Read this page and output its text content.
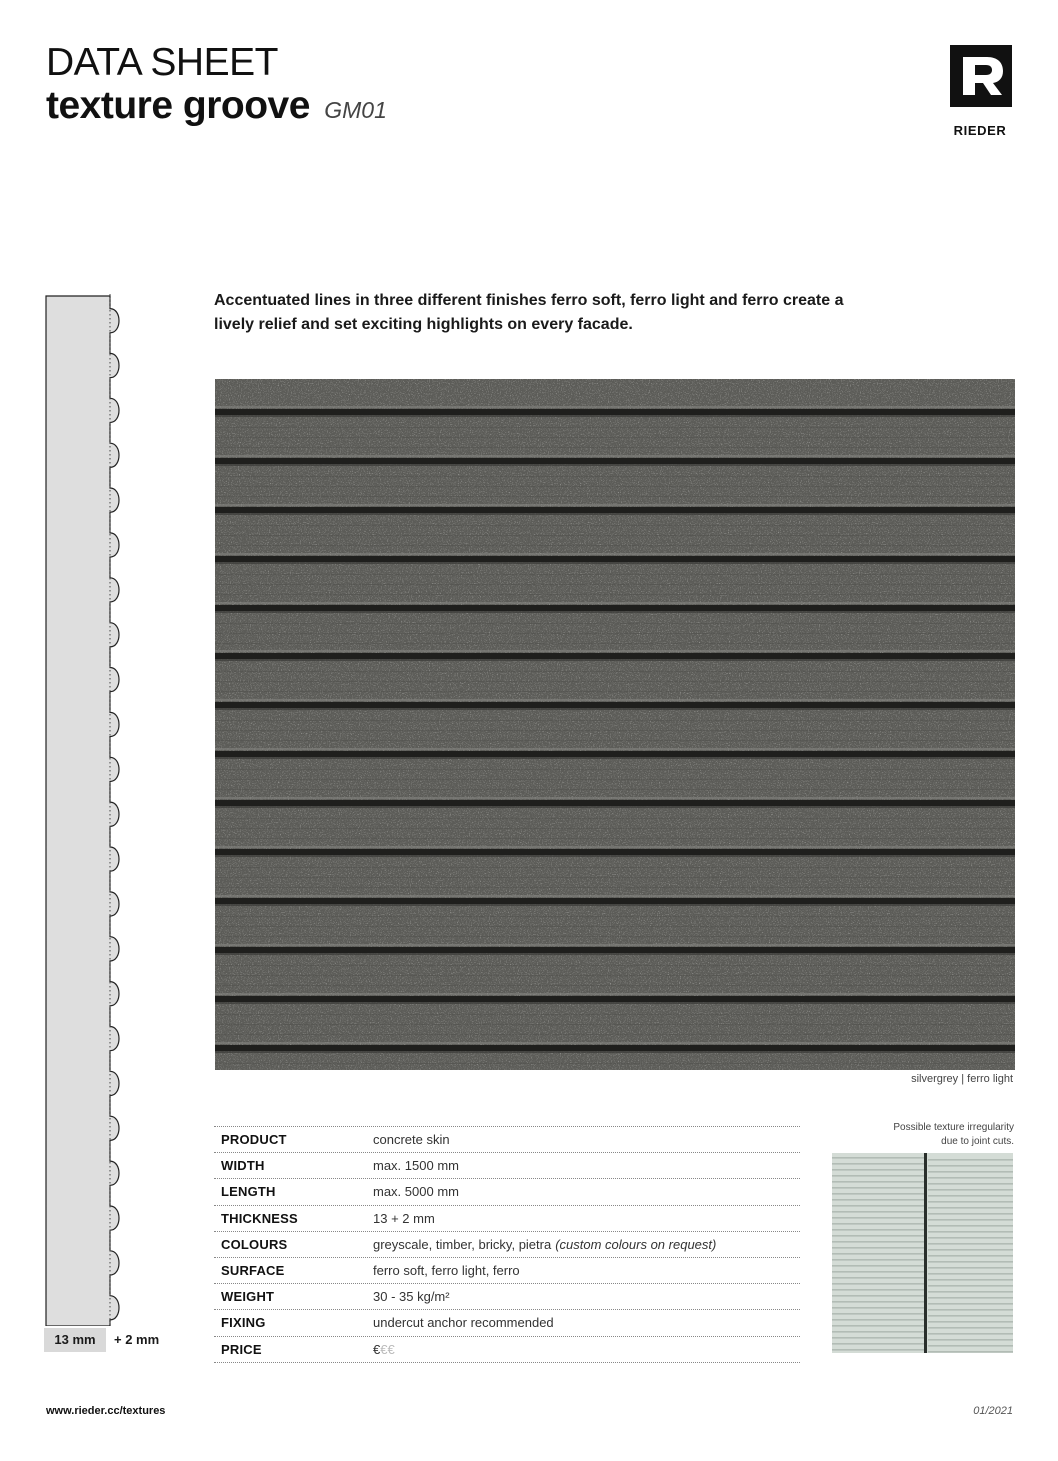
DATA SHEET
texture groove GM01
RIEDER
13 mm	+ 2 mm
Accentuated lines in three different finishes ferro soft, ferro light and ferro create a lively relief and set exciting highlights on every facade.
silvergrey | ferro light
PRODUCT	concrete skin
WIDTH	max. 1500 mm
LENGTH	max. 5000 mm
THICKNESS	13 + 2 mm
COLOURS	greyscale, timber, bricky, pietra (custom colours on request)
SURFACE	ferro soft, ferro light, ferro
WEIGHT	30 - 35 kg/m²
FIXING	undercut anchor recommended
PRICE	€€€
Possible texture irregularity
due to joint cuts.
www.rieder.cc/textures	01/2021
